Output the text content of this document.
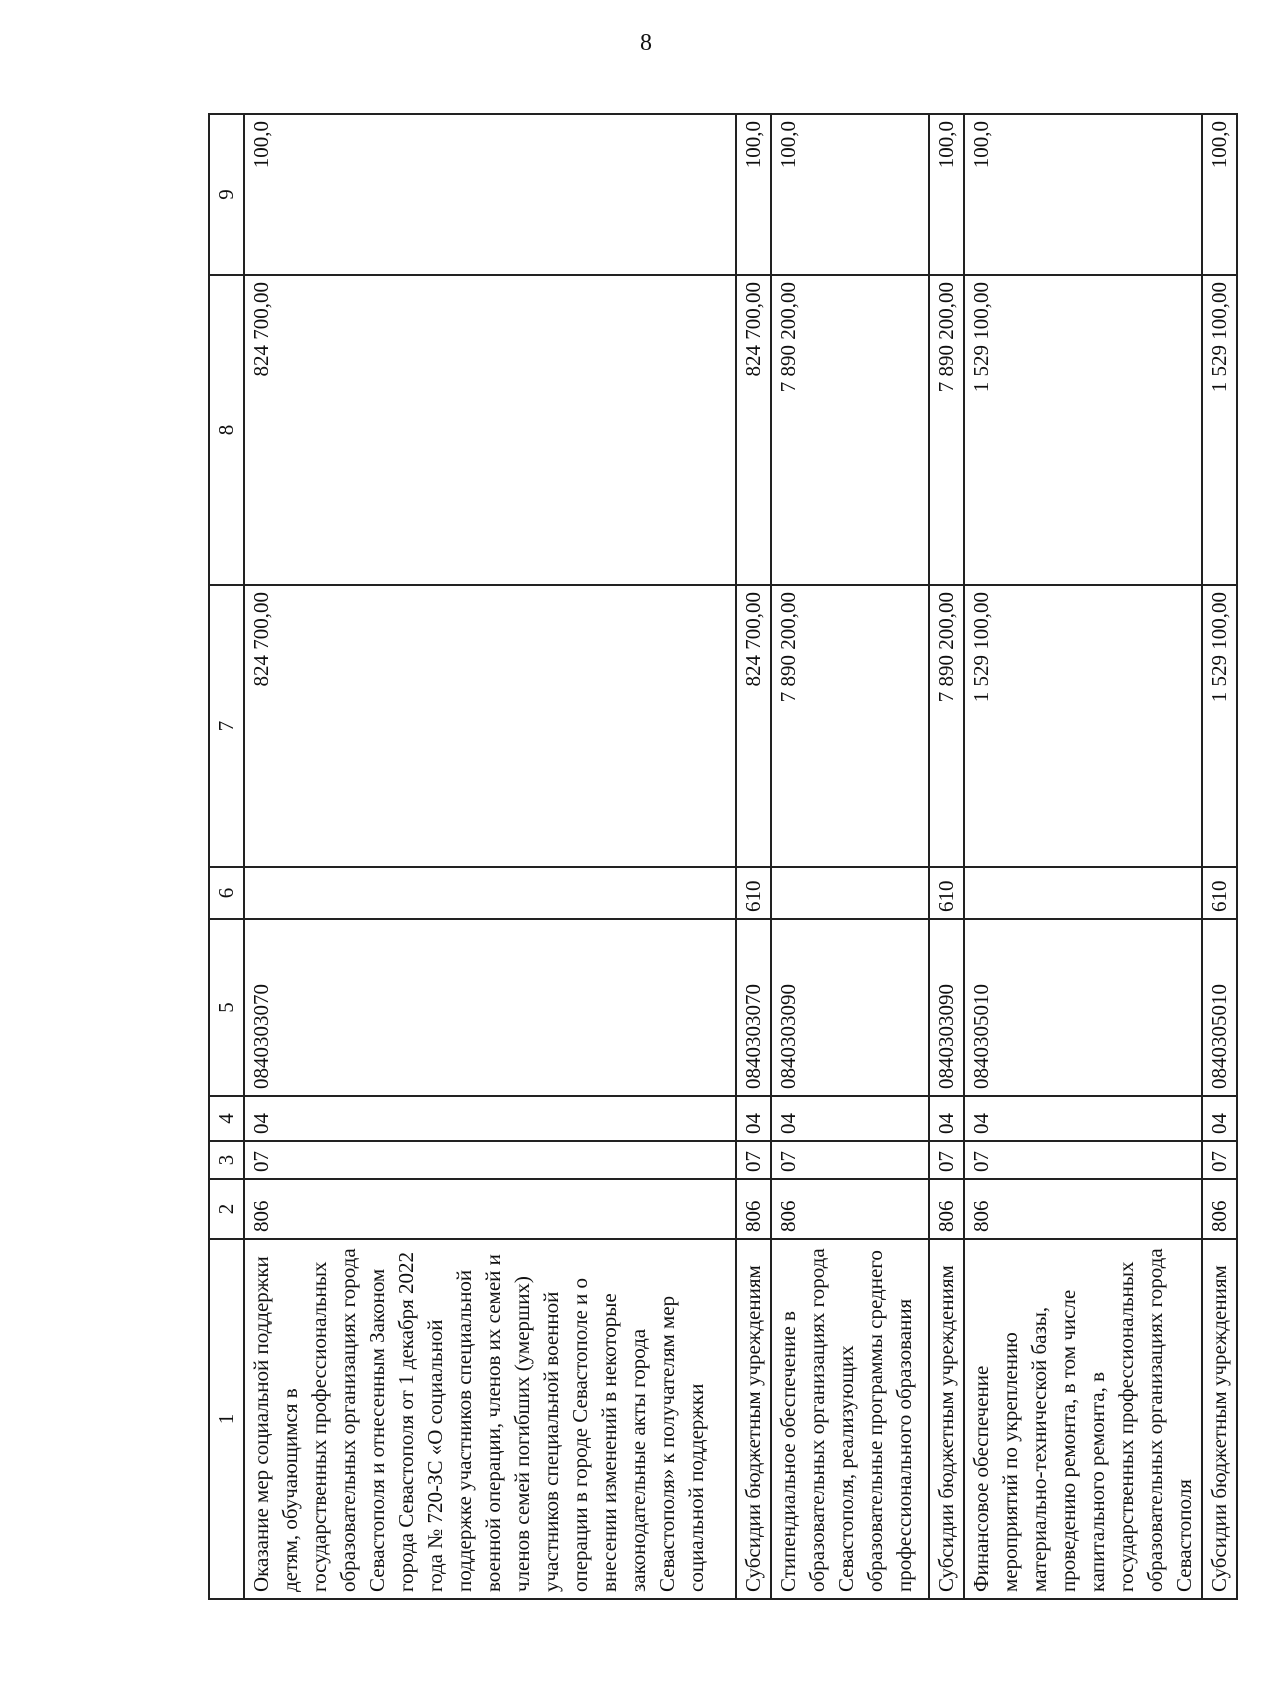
8
1	2	3	4	5	6	7	8	9
Оказание мер социальной поддержки детям, обучающимся в государственных профессиональных образовательных организациях города Севастополя и отнесенным Законом города Севастополя от 1 декабря 2022 года № 720-ЗС «О социальной поддержке участников специальной военной операции, членов их семей и членов семей погибших (умерших) участников специальной военной операции в городе Севастополе и о внесении изменений в некоторые законодательные акты города Севастополя» к получателям мер социальной поддержки	806	07	04	0840303070		824 700,00	824 700,00	100,0
Субсидии бюджетным учреждениям	806	07	04	0840303070	610	824 700,00	824 700,00	100,0
Стипендиальное обеспечение в образовательных организациях города Севастополя, реализующих образовательные программы среднего профессионального образования	806	07	04	0840303090		7 890 200,00	7 890 200,00	100,0
Субсидии бюджетным учреждениям	806	07	04	0840303090	610	7 890 200,00	7 890 200,00	100,0
Финансовое обеспечение мероприятий по укреплению материально-технической базы, проведению ремонта, в том числе капитального ремонта, в государственных профессиональных образовательных организациях города Севастополя	806	07	04	0840305010		1 529 100,00	1 529 100,00	100,0
Субсидии бюджетным учреждениям	806	07	04	0840305010	610	1 529 100,00	1 529 100,00	100,0
